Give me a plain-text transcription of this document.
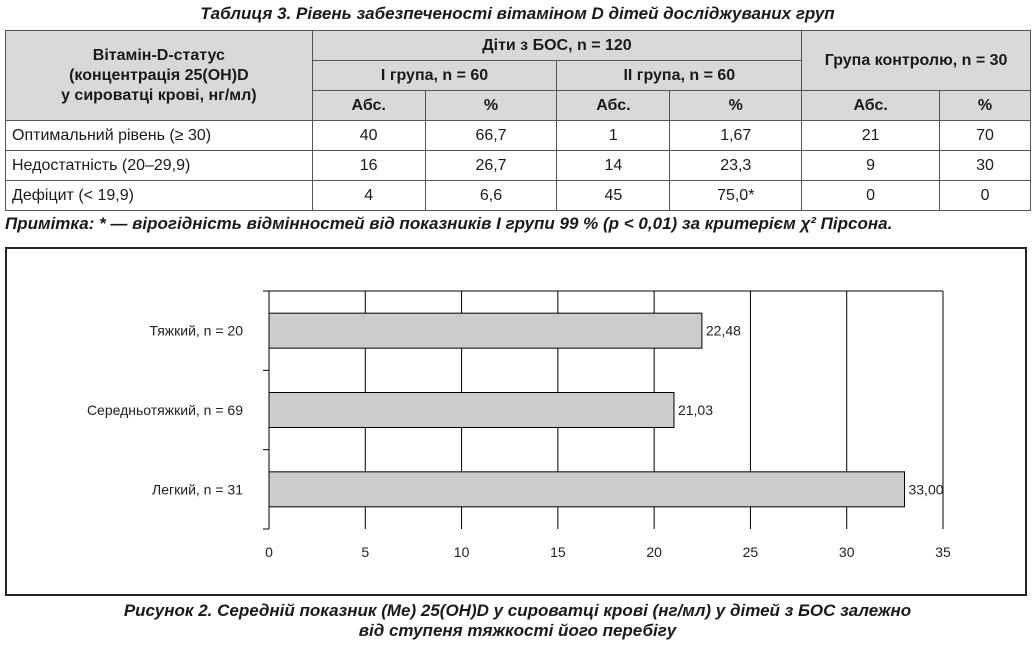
Таблиця 3. Рівень забезпеченості вітаміном D дітей досліджуваних груп
Вітамін-D-статус
(концентрація 25(OH)D
у сироватці крові, нг/мл)	Діти з БОС, n = 120				Група контролю, n = 30	
	І група, n = 60		ІІ група, n = 60			
	Абс.	%	Абс.	%	Абс.	%
Оптимальний рівень (≥ 30)	40	66,7	1	1,67	21	70
Недостатність (20–29,9)	16	26,7	14	23,3	9	30
Дефіцит (< 19,9)	4	6,6	45	75,0*	0	0
Примітка: * — вірогідність відмінностей від показників І групи 99 % (р < 0,01) за критерієм χ² Пірсона.
0	5	10	15	20	25	30	35
Тяжкий, n = 20	22,48
Середньотяжкий, n = 69	21,03
Легкий, n = 31	33,00
Рисунок 2. Середній показник (Ме) 25(OH)D у сироватці крові (нг/мл) у дітей з БОС залежно
від ступеня тяжкості його перебігу
